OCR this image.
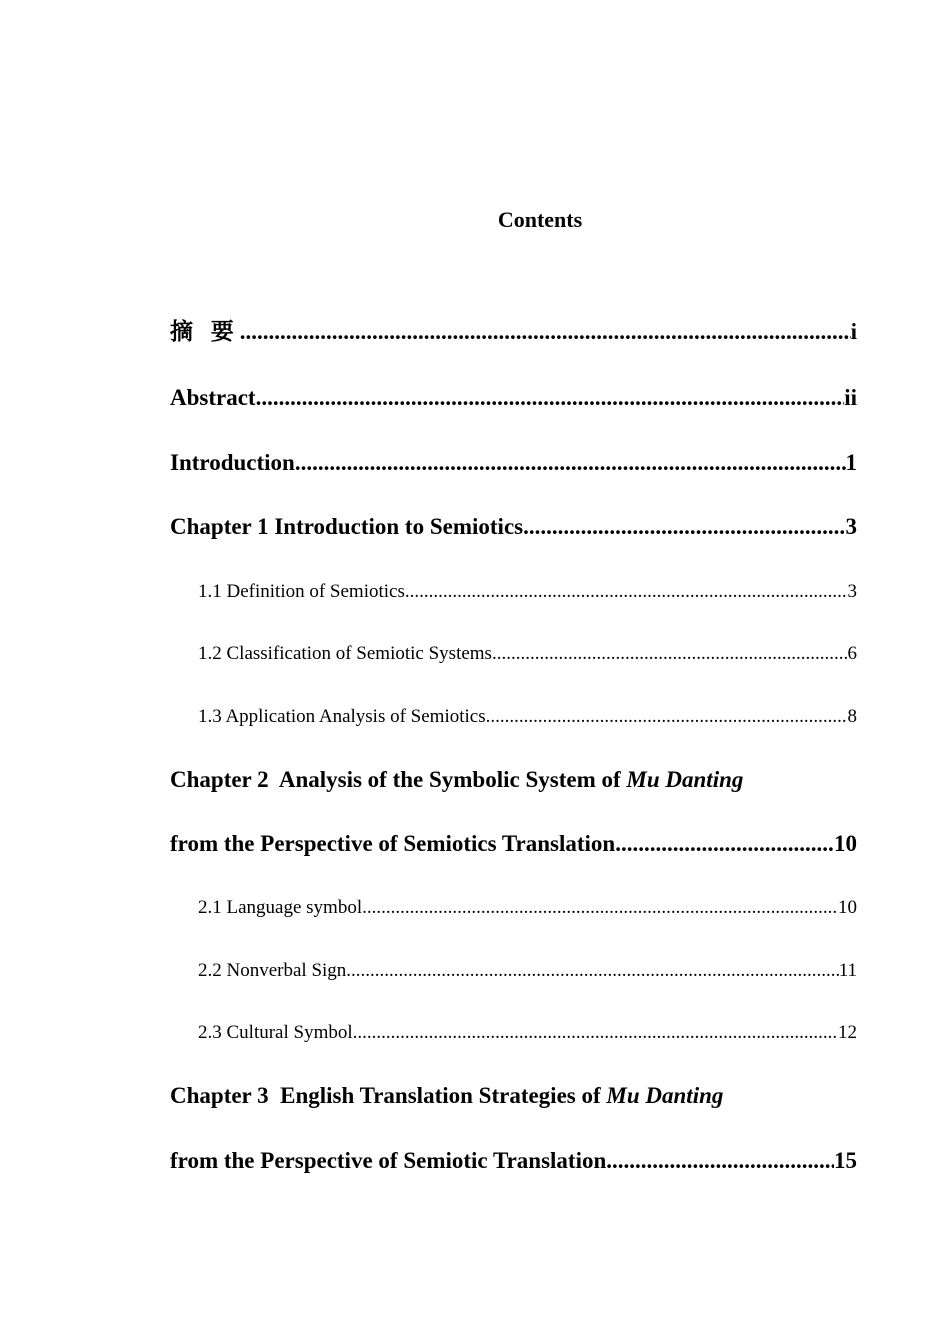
Contents
摘 要 .....	i
Abstract .....	ii
Introduction .....	1
Chapter 1 Introduction to Semiotics .....	3
1.1 Definition of Semiotics .....	3
1.2 Classification of Semiotic Systems .....	6
1.3 Application Analysis of Semiotics .....	8
Chapter 2  Analysis of the Symbolic System of Mu Danting
from the Perspective of Semiotics Translation .....	10
2.1 Language symbol .....	10
2.2 Nonverbal Sign .....	11
2.3 Cultural Symbol .....	12
Chapter 3  English Translation Strategies of Mu Danting
from the Perspective of Semiotic Translation .....	15
